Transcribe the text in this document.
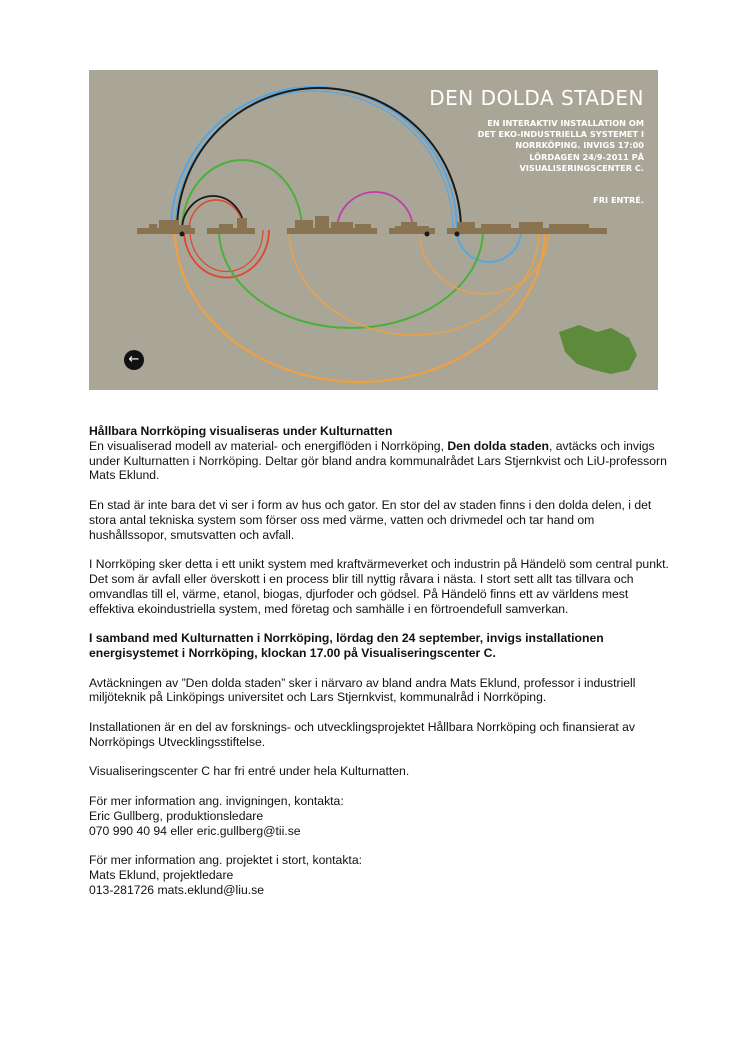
DEN DOLDA STADEN
EN INTERAKTIV INSTALLATION OM
DET EKO-INDUSTRIELLA SYSTEMET I
NORRKÖPING. INVIGS 17:00
LÖRDAGEN 24/9-2011 PÅ
VISUALISERINGSCENTER C.
FRI ENTRÉ.
←

Hållbara Norrköping visualiseras under Kulturnatten

En visualiserad modell av material- och energiflöden i Norrköping, Den dolda staden, avtäcks och invigs under Kulturnatten i Norrköping. Deltar gör bland andra kommunalrådet Lars Stjernkvist och LiU-professorn Mats Eklund.

En stad är inte bara det vi ser i form av hus och gator. En stor del av staden finns i den dolda delen, i det stora antal tekniska system som förser oss med värme, vatten och drivmedel och tar hand om hushållssopor, smutsvatten och avfall.

I Norrköping sker detta i ett unikt system med kraftvärmeverket och industrin på Händelö som central punkt. Det som är avfall eller överskott i en process blir till nyttig råvara i nästa. I stort sett allt tas tillvara och omvandlas till el, värme, etanol, biogas, djurfoder och gödsel. På Händelö finns ett av världens mest effektiva ekoindustriella system, med företag och samhälle i en förtroendefull samverkan.

I samband med Kulturnatten i Norrköping, lördag den 24 september, invigs installationen energisystemet i Norrköping, klockan 17.00 på Visualiseringscenter C.

Avtäckningen av ”Den dolda staden” sker i närvaro av bland andra Mats Eklund, professor i industriell miljöteknik på Linköpings universitet och Lars Stjernkvist, kommunalråd i Norrköping.

Installationen är en del av forsknings- och utvecklingsprojektet Hållbara Norrköping och finansierat av Norrköpings Utvecklingsstiftelse.

Visualiseringscenter C har fri entré under hela Kulturnatten.

För mer information ang. invigningen, kontakta:
Eric Gullberg, produktionsledare
070 990 40 94 eller eric.gullberg@tii.se

För mer information ang. projektet i stort, kontakta:
Mats Eklund, projektledare
013-281726 mats.eklund@liu.se
